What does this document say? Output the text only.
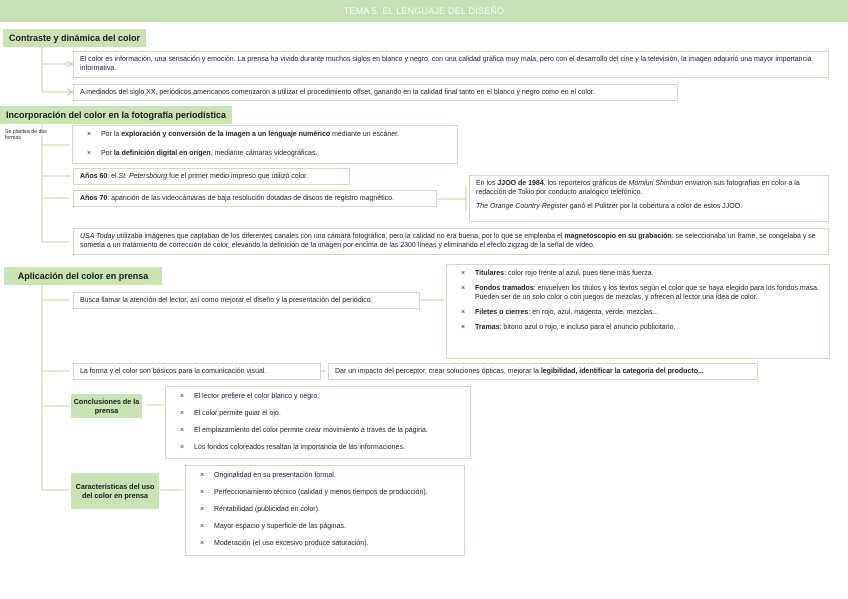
TEMA 5. EL LENGUAJE DEL DISEÑO
Contraste y dinámica del color

El color es información, una sensación y emoción. La prensa ha vivido durante muchos siglos en blanco y negro, con una calidad gráfica muy mala, pero con el desarrollo del cine y la televisión, la imagen adquirió una mayor importancia informativa.

A mediados del siglo XX, periódicos americanos comenzaron a utilizar el procedimiento offset, ganando en la calidad final tanto en el blanco y negro como en el color.

Incorporación del color en la fotografía periodística
Se plantea de dos formas
×	Por la exploración y conversión de la imagen a un lenguaje numérico mediante un escáner.
× Por la definición digital en origen, mediante cámaras videográficas.

Años 60: el St. Petersbourg fue el primer medio impreso que utilizó color.

Años 70: aparición de las videocámaras de baja resolución dotadas de discos de registro magnético.

En los JJOO de 1984, los reporteros gráficos de Momiuri Shimbun enviaron sus fotografías en color a la redacción de Tokio por conducto analógico telefónico.

The Orange Country Register ganó el Pulitzer por la cobertura a color de estos JJOO.

USA Today utilizaba imágenes que captaban de los diferentes canales con una cámara fotográfica, pero la calidad no era buena, por lo que se empleaba el magnetoscopio en su grabación: se seleccionaba un frame, se congelaba y se sometía a un tratamiento de corrección de color, elevando la definición de la imagen por encima de las 2300 líneas y eliminando el efecto zigzag de la señal de vídeo.

Aplicación del color en prensa

Busca llamar la atención del lector, así como mejorar el diseño y la presentación del periódico.

× Titulares: color rojo frente al azul, pues tiene más fuerza.
× Fondos tramados: envuelven los títulos y los textos según el color que se haya elegido para los fondos masa. Pueden ser de un solo color o con juegos de mezclas, y ofrecen al lector una idea de color.
× Filetes o cierres: en rojo, azul, magenta, verde, mezclas...
× Tramas: bitono azul o rojo, e incluso para el anuncio publicitario.

La forma y el color son básicos para la comunicación visual.	Dar un impacto del perceptor, crear soluciones ópticas, mejorar la legibilidad, identificar la categoría del producto...

Conclusiones de la prensa
× El lector prefiere el color blanco y negro.
× El color permite guiar el ojo.
× El emplazamiento del color permite crear movimiento a través de la página.
× Los fondos coloreados resaltan la importancia de las informaciones.
Características del uso del color en prensa
× Originalidad en su presentación formal.
× Perfeccionamiento técnico (calidad y menos tiempos de producción).
× Rentabilidad (publicidad en color).
× Mayor espacio y superficie de las páginas.
× Moderación (el uso excesivo produce saturación).
